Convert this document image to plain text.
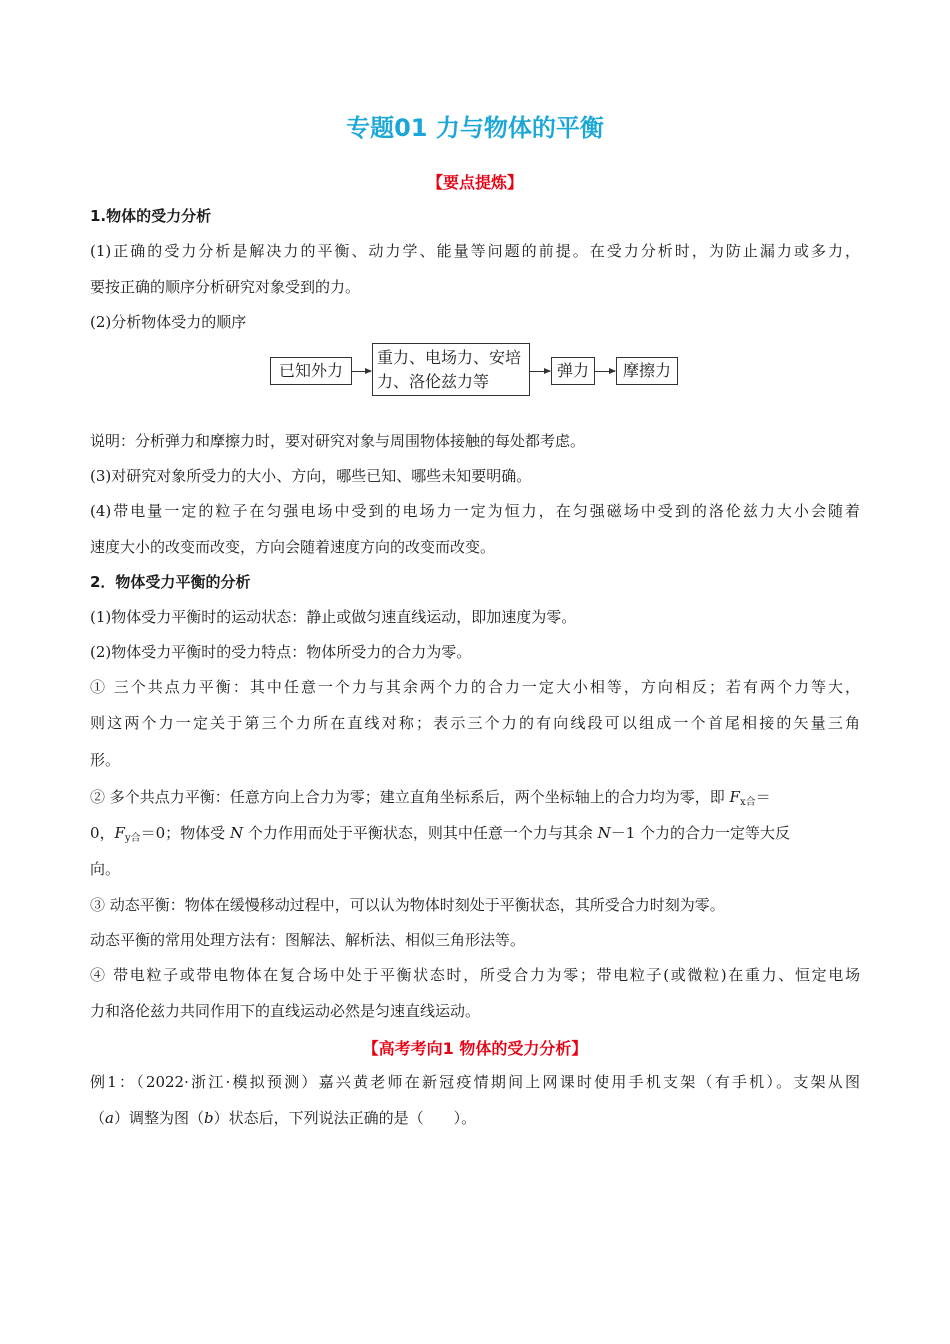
专题01 力与物体的平衡
【要点提炼】
1.物体的受力分析
(1)正确的受力分析是解决力的平衡、动力学、能量等问题的前提。在受力分析时，为防止漏力或多力，
要按正确的顺序分析研究对象受到的力。
(2)分析物体受力的顺序
已知外力
重力、电场力、安培
力、洛伦兹力等
弹力	摩擦力
说明：分析弹力和摩擦力时，要对研究对象与周围物体接触的每处都考虑。
(3)对研究对象所受力的大小、方向，哪些已知、哪些未知要明确。
(4)带电量一定的粒子在匀强电场中受到的电场力一定为恒力，在匀强磁场中受到的洛伦兹力大小会随着
速度大小的改变而改变，方向会随着速度方向的改变而改变。
2．物体受力平衡的分析
(1)物体受力平衡时的运动状态：静止或做匀速直线运动，即加速度为零。
(2)物体受力平衡时的受力特点：物体所受力的合力为零。
① 三个共点力平衡：其中任意一个力与其余两个力的合力一定大小相等，方向相反；若有两个力等大，
则这两个力一定关于第三个力所在直线对称；表示三个力的有向线段可以组成一个首尾相接的矢量三角
形。
② 多个共点力平衡：任意方向上合力为零；建立直角坐标系后，两个坐标轴上的合力均为零，即 $F_{x合}=$
0，$F_{y合}=0$；物体受 N 个力作用而处于平衡状态，则其中任意一个力与其余 N－1 个力的合力一定等大反
向。
③ 动态平衡：物体在缓慢移动过程中，可以认为物体时刻处于平衡状态，其所受合力时刻为零。
动态平衡的常用处理方法有：图解法、解析法、相似三角形法等。
④ 带电粒子或带电物体在复合场中处于平衡状态时，所受合力为零；带电粒子(或微粒)在重力、恒定电场
力和洛伦兹力共同作用下的直线运动必然是匀速直线运动。
【高考考向1 物体的受力分析】
例1：（2022·浙江·模拟预测）嘉兴黄老师在新冠疫情期间上网课时使用手机支架（有手机）。支架从图
（a）调整为图（b）状态后，下列说法正确的是（　　）。
